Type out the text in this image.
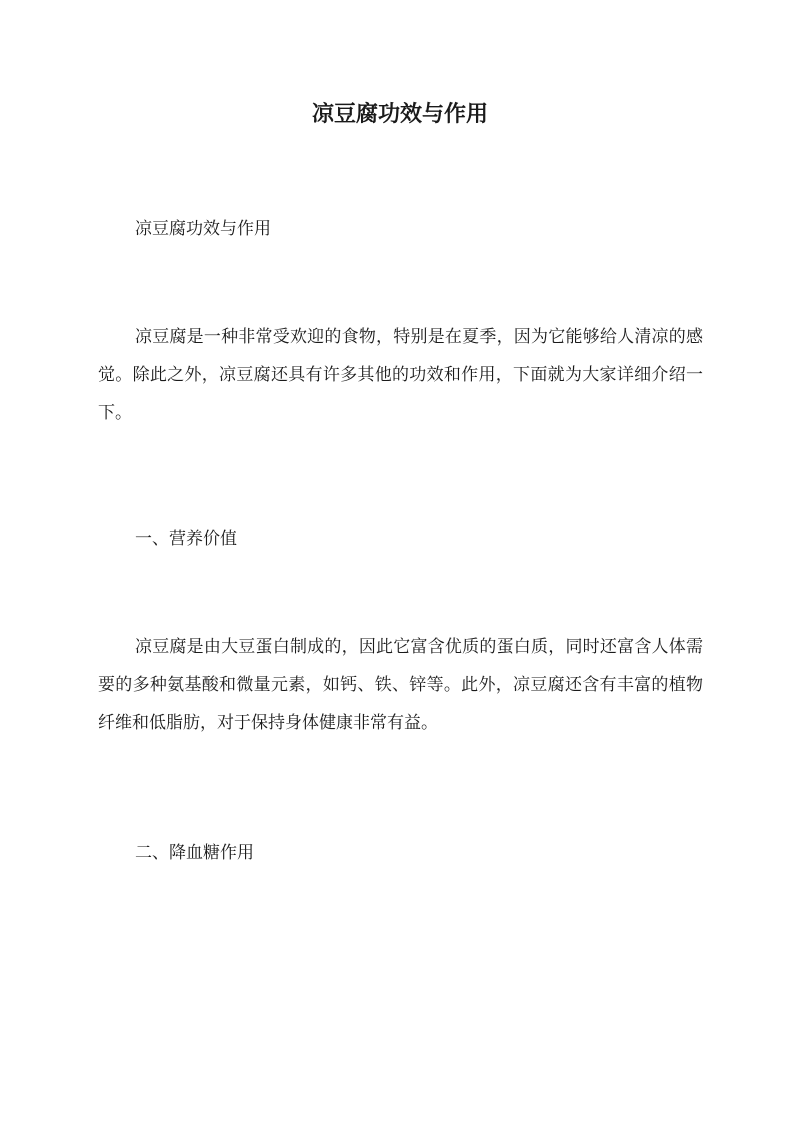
凉豆腐功效与作用

凉豆腐功效与作用

凉豆腐是一种非常受欢迎的食物，特别是在夏季，因为它能够给人清凉的感觉。除此之外，凉豆腐还具有许多其他的功效和作用，下面就为大家详细介绍一下。

一、营养价值

凉豆腐是由大豆蛋白制成的，因此它富含优质的蛋白质，同时还富含人体需要的多种氨基酸和微量元素，如钙、铁、锌等。此外，凉豆腐还含有丰富的植物纤维和低脂肪，对于保持身体健康非常有益。

二、降血糖作用
